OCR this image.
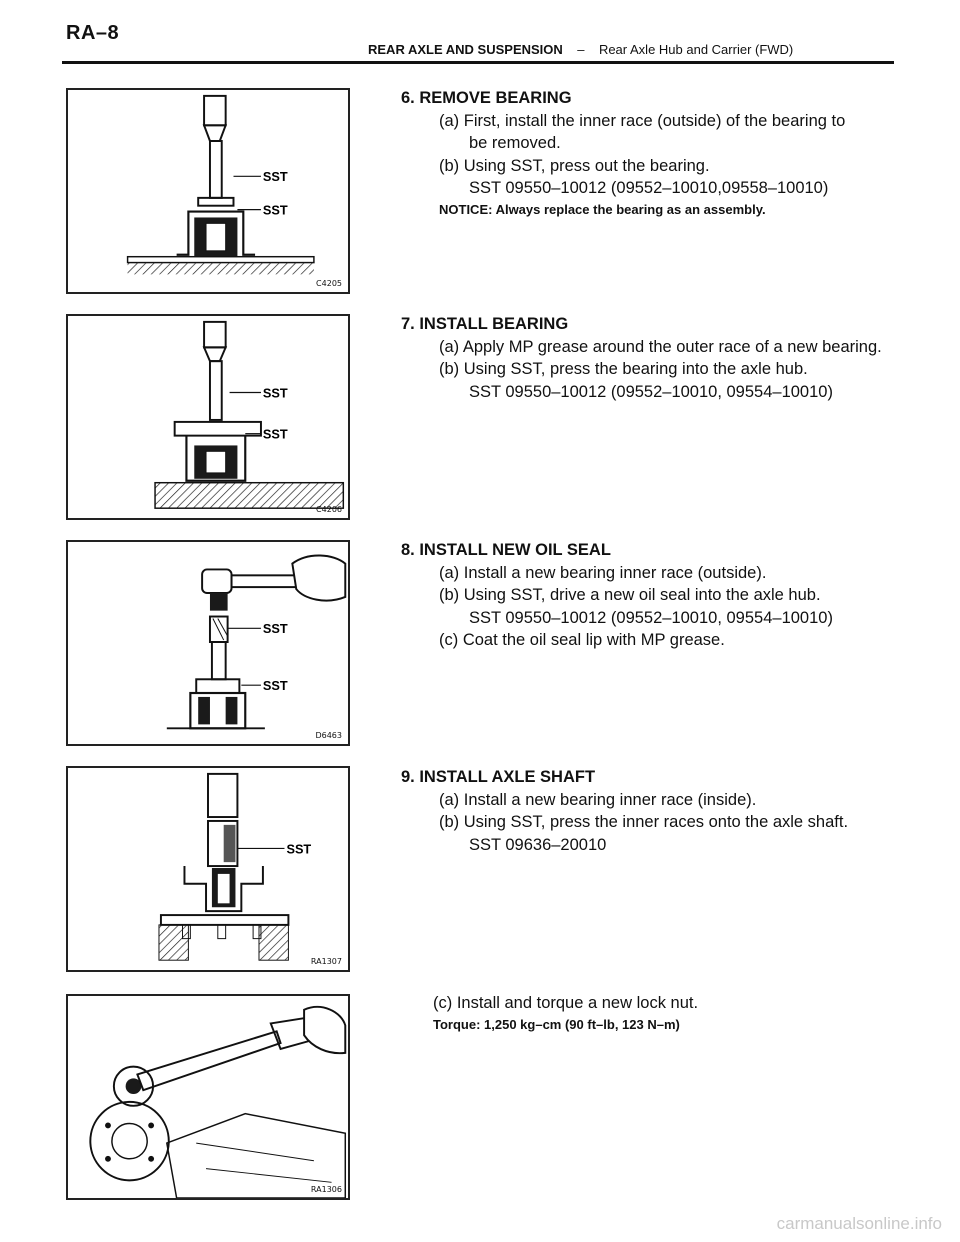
RA–8
REAR AXLE AND SUSPENSION – Rear Axle Hub and Carrier (FWD)
SST
SST
C4205
SST
SST
C4206
SST
SST
D6463
SST
RA1307
RA1306
6. REMOVE BEARING
(a) First, install the inner race (outside) of the bearing to
be removed.
(b) Using SST, press out the bearing.
SST 09550–10012 (09552–10010,09558–10010)
NOTICE: Always replace the bearing as an assembly.
7. INSTALL BEARING
(a) Apply MP grease around the outer race of a new bearing.
(b) Using SST, press the bearing into the axle hub.
SST 09550–10012 (09552–10010, 09554–10010)
8. INSTALL NEW OIL SEAL
(a) Install a new bearing inner race (outside).
(b) Using SST, drive a new oil seal into the axle hub.
SST 09550–10012 (09552–10010, 09554–10010)
(c) Coat the oil seal lip with MP grease.
9. INSTALL AXLE SHAFT
(a) Install a new bearing inner race (inside).
(b) Using SST, press the inner races onto the axle shaft.
SST 09636–20010
(c) Install and torque a new lock nut.
Torque: 1,250 kg–cm (90 ft–lb, 123 N–m)
carmanualsonline.info
